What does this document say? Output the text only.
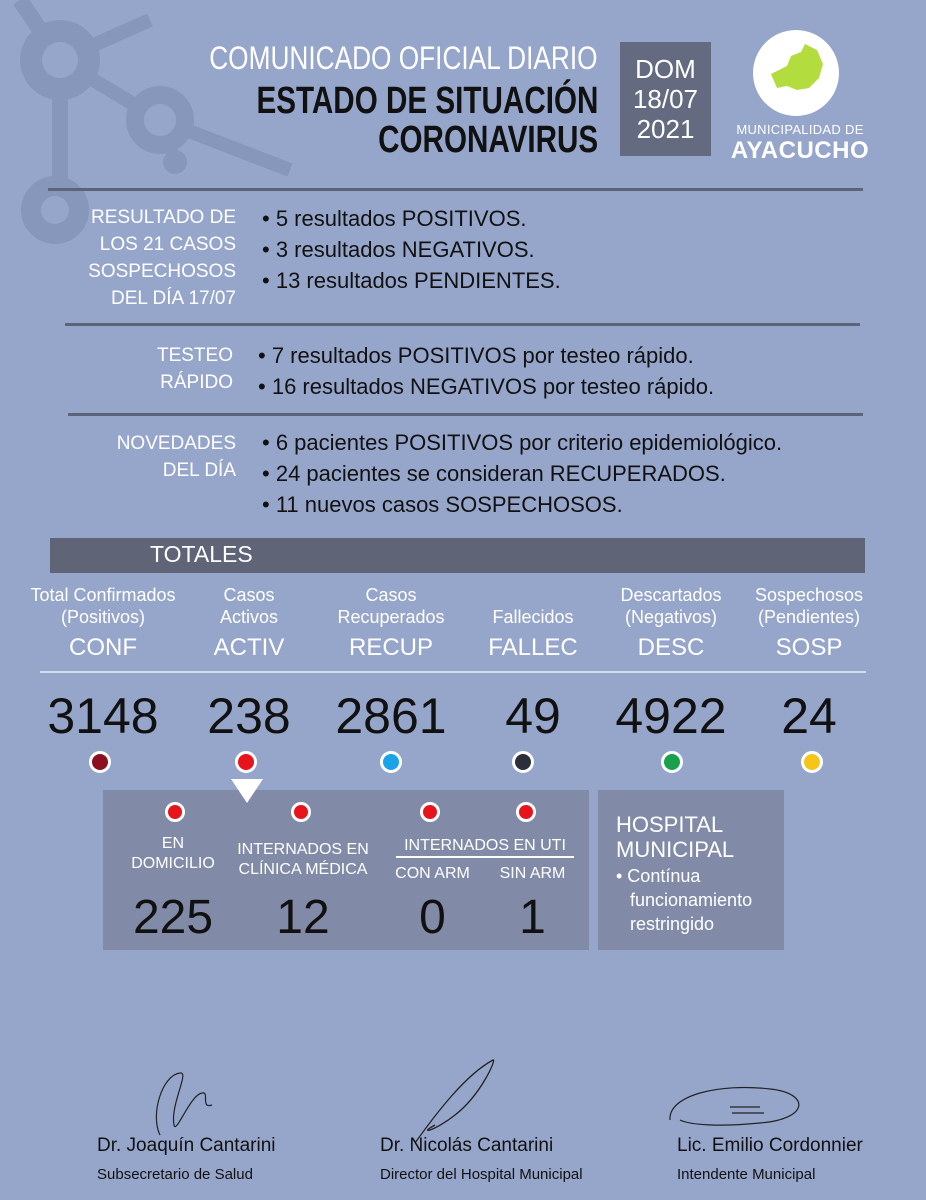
COMUNICADO OFICIAL DIARIO
ESTADO DE SITUACIÓN
CORONAVIRUS
DOM
18/07
2021	MUNICIPALIDAD DE
AYACUCHO
RESULTADO DE
LOS 21 CASOS
SOSPECHOSOS
DEL DÍA 17/07
• 5 resultados POSITIVOS.
• 3 resultados NEGATIVOS.
• 13 resultados PENDIENTES.
TESTEO
RÁPIDO
• 7 resultados POSITIVOS por testeo rápido.
• 16 resultados NEGATIVOS por testeo rápido.
NOVEDADES
DEL DÍA
• 6 pacientes POSITIVOS por criterio epidemiológico.
• 24 pacientes se consideran RECUPERADOS.
• 11 nuevos casos SOSPECHOSOS.
TOTALES
Total Confirmados
(Positivos)
Casos
Activos
Casos
Recuperados
	Fallecidos
Descartados
(Negativos)
Sospechosos
(Pendientes)
CONF	ACTIV	RECUP	FALLEC	DESC	SOSP
3148 238 2861	49	4922	24
EN
DOMICILIO
INTERNADOS EN
CLÍNICA MÉDICA
INTERNADOS EN UTI
CON ARM	SIN ARM
225	12	0	1
HOSPITAL
MUNICIPAL
• Contínua
funcionamiento
restringido
Dr. Joaquín Cantarini
Subsecretario de Salud
Dr. Nicolás Cantarini
Director del Hospital Municipal
Lic. Emilio Cordonnier
Intendente Municipal
